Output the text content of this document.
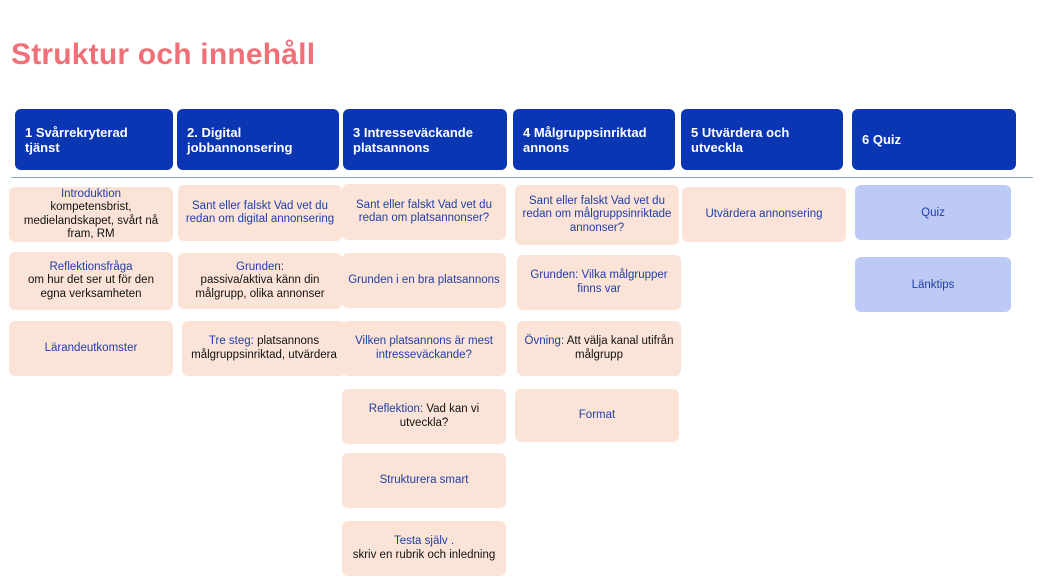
Struktur och innehåll
1 Svårrekryterad tjänst
2. Digital jobbannonsering
3 Intresseväckande platsannons
4 Målgruppsinriktad annons
5 Utvärdera och utveckla	6 Quiz
Introduktion
kompetensbrist, medielandskapet, svårt nå fram, RM
Reflektionsfråga
om hur det ser ut för den egna verksamheten
Lärandeutkomster
Sant eller falskt Vad vet du redan om digital annonsering
Grunden:
passiva/aktiva känn din målgrupp, olika annonser
Tre steg: platsannons målgruppsinriktad, utvärdera
Sant eller falskt Vad vet du redan om platsannonser?
Grunden i en bra platsannons
Vilken platsannons är mest intresseväckande?
Reflektion: Vad kan vi utveckla?
Strukturera smart
Testa själv .
skriv en rubrik och inledning
Sant eller falskt Vad vet du redan om målgruppsinriktade annonser?
Grunden: Vilka målgrupper finns var
Övning: Att välja kanal utifrån målgrupp
Format
Utvärdera annonsering	Quiz
Länktips
